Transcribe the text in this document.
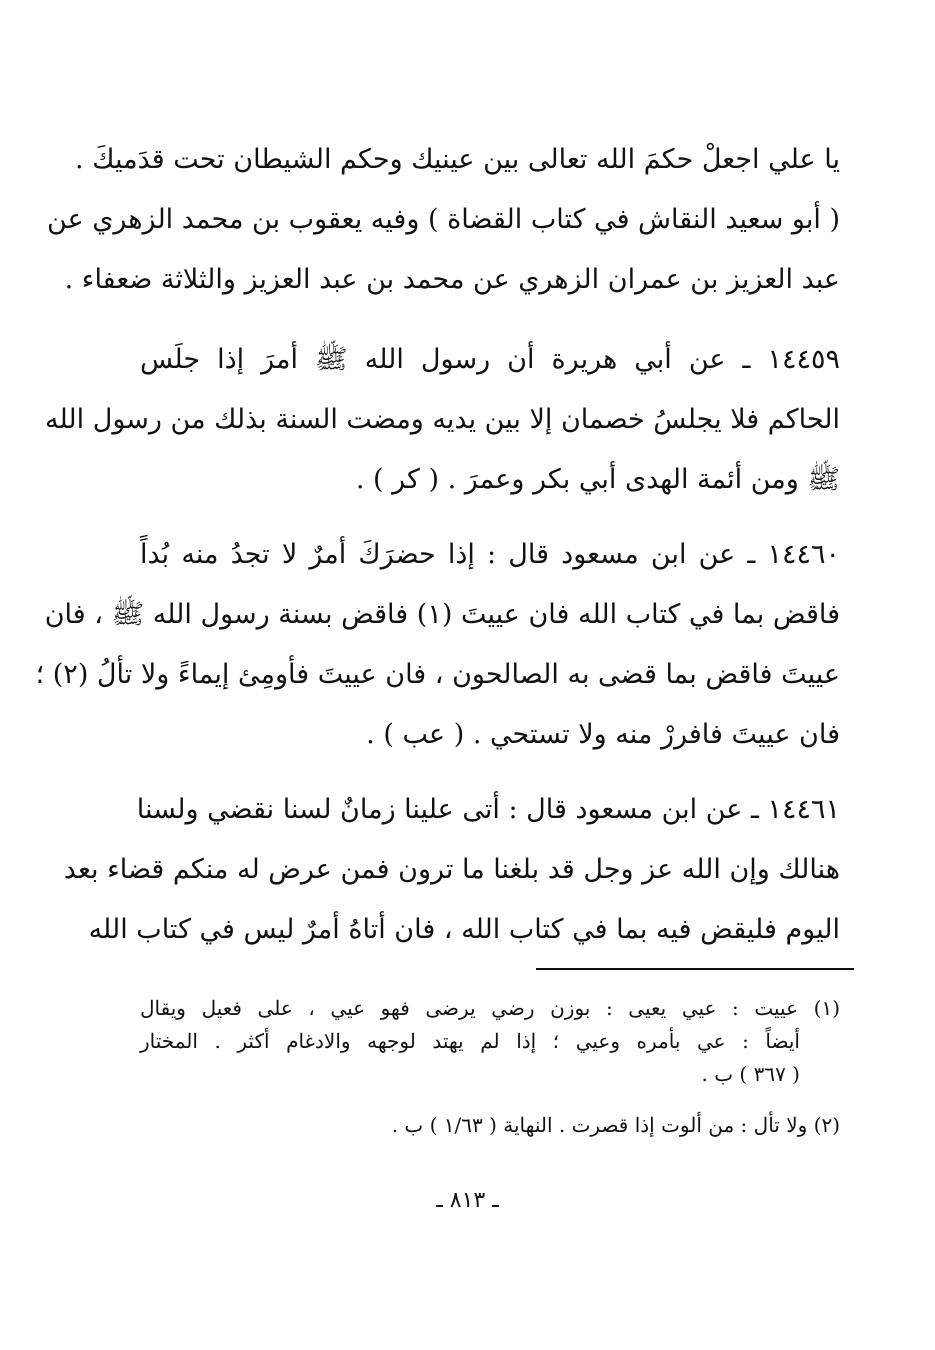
يا علي اجعلْ حكمَ الله تعالى بين عينيك وحكم الشيطان تحت قدَميكَ .
( أبو سعيد النقاش في كتاب القضاة ) وفيه يعقوب بن محمد الزهري عن
عبد العزيز بن عمران الزهري عن محمد بن عبد العزيز والثلاثة ضعفاء .
١٤٤٥٩ ـ عن أبي هريرة أن رسول الله ﷺ أمرَ إذا جلَس
الحاكم فلا يجلسُ خصمان إلا بين يديه ومضت السنة بذلك من رسول الله
ﷺ ومن أئمة الهدى أبي بكر وعمرَ . ( كر ) .
١٤٤٦٠ ـ عن ابن مسعود قال : إذا حضرَكَ أمرٌ لا تجدُ منه بُداً
فاقض بما في كتاب الله فان عييتَ (١) فاقض بسنة رسول الله ﷺ ، فان
عييتَ فاقض بما قضى به الصالحون ، فان عييتَ فأومِئ إيماءً ولا تألُ (٢) ؛
فان عييتَ فافررْ منه ولا تستحي . ( عب ) .
١٤٤٦١ ـ عن ابن مسعود قال : أتى علينا زمانٌ لسنا نقضي ولسنا
هنالك وإن الله عز وجل قد بلغنا ما ترون فمن عرض له منكم قضاء بعد
اليوم فليقض فيه بما في كتاب الله ، فان أتاهُ أمرٌ ليس في كتاب الله
(١) عييت : عيي يعيى : بوزن رضي يرضى فهو عيي ، على فعيل ويقال
أيضاً : عي بأمره وعيي ؛ إذا لم يهتد لوجهه والادغام أكثر . المختار
( ٣٦٧ ) ب .
(٢) ولا تأل : من ألوت إذا قصرت . النهاية ( ١/٦٣ ) ب .
ـ ٨١٣ ـ
